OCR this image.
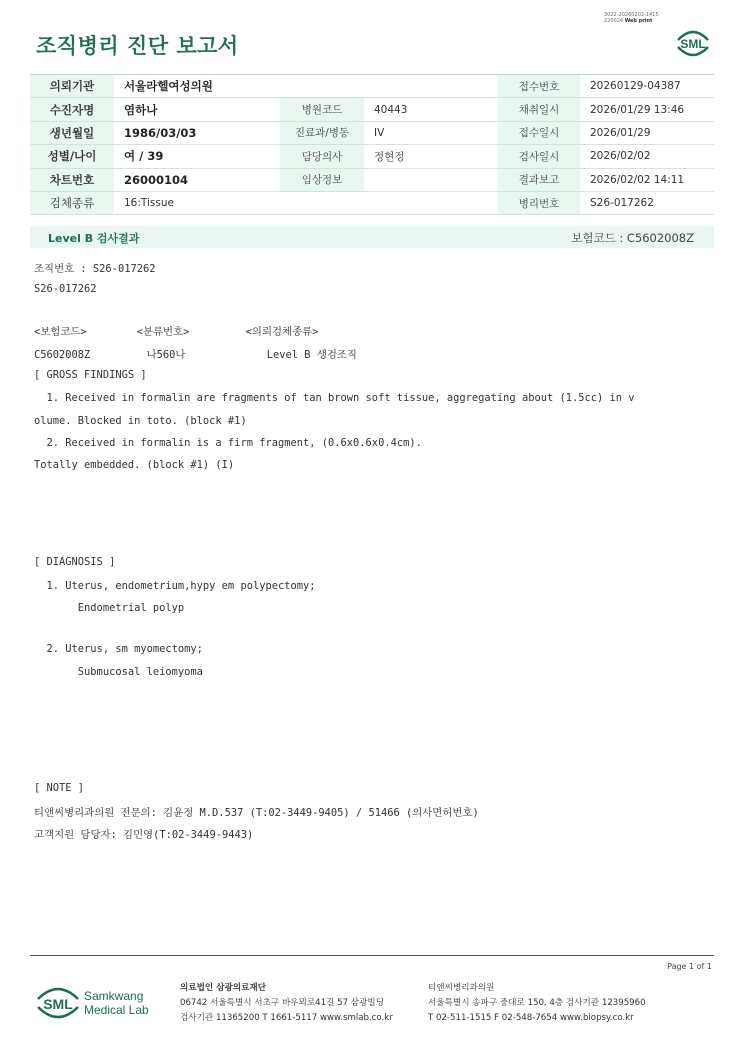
조직병리 진단 보고서
3022-20260202-1415
220024 Web print
SML
의뢰기관	서울라헬여성의원			접수번호	20260129-04387
수진자명	염하나	병원코드	40443	채취일시	2026/01/29 13:46
생년월일	1986/03/03	진료과/병동	IV	접수일시	2026/01/29
성별/나이	여 / 39	담당의사	정현정	검사일시	2026/02/02
차트번호	26000104	임상정보		결과보고	2026/02/02 14:11
검체종류	16:Tissue			병리번호	S26-017262
Level B 검사결과	보험코드 : C5602008Z
조직번호 : S26-017262
S26-017262
<보험코드>        <분류번호>         <의뢰검체종류>
C5602008Z         나560나             Level B 생검조직
[ GROSS FINDINGS ]
1. Received in formalin are fragments of tan brown soft tissue, aggregating about (1.5cc) in v
olume. Blocked in toto. (block #1)
2. Received in formalin is a firm fragment, (0.6x0.6x0.4cm).
Totally embedded. (block #1) (I)
[ DIAGNOSIS ]
1. Uterus, endometrium,hypy em polypectomy;
Endometrial polyp
2. Uterus, sm myomectomy;
Submucosal leiomyoma
[ NOTE ]
티앤씨병리과의원 전문의: 김윤정 M.D.537 (T:02-3449-9405) / 51466 (의사면허번호)
고객지원 담당자: 김민영(T:02-3449-9443)
Page 1 of 1
SML Samkwang
Medical Lab
의료법인 삼광의료재단
06742 서울특별시 서초구 바우뫼로41길 57 삼광빌딩
검사기관 11365200 T 1661-5117 www.smlab.co.kr
티앤씨병리과의원
서울특별시 송파구 중대로 150, 4층 검사기관 12395960
T 02-511-1515 F 02-548-7654 www.biopsy.co.kr
